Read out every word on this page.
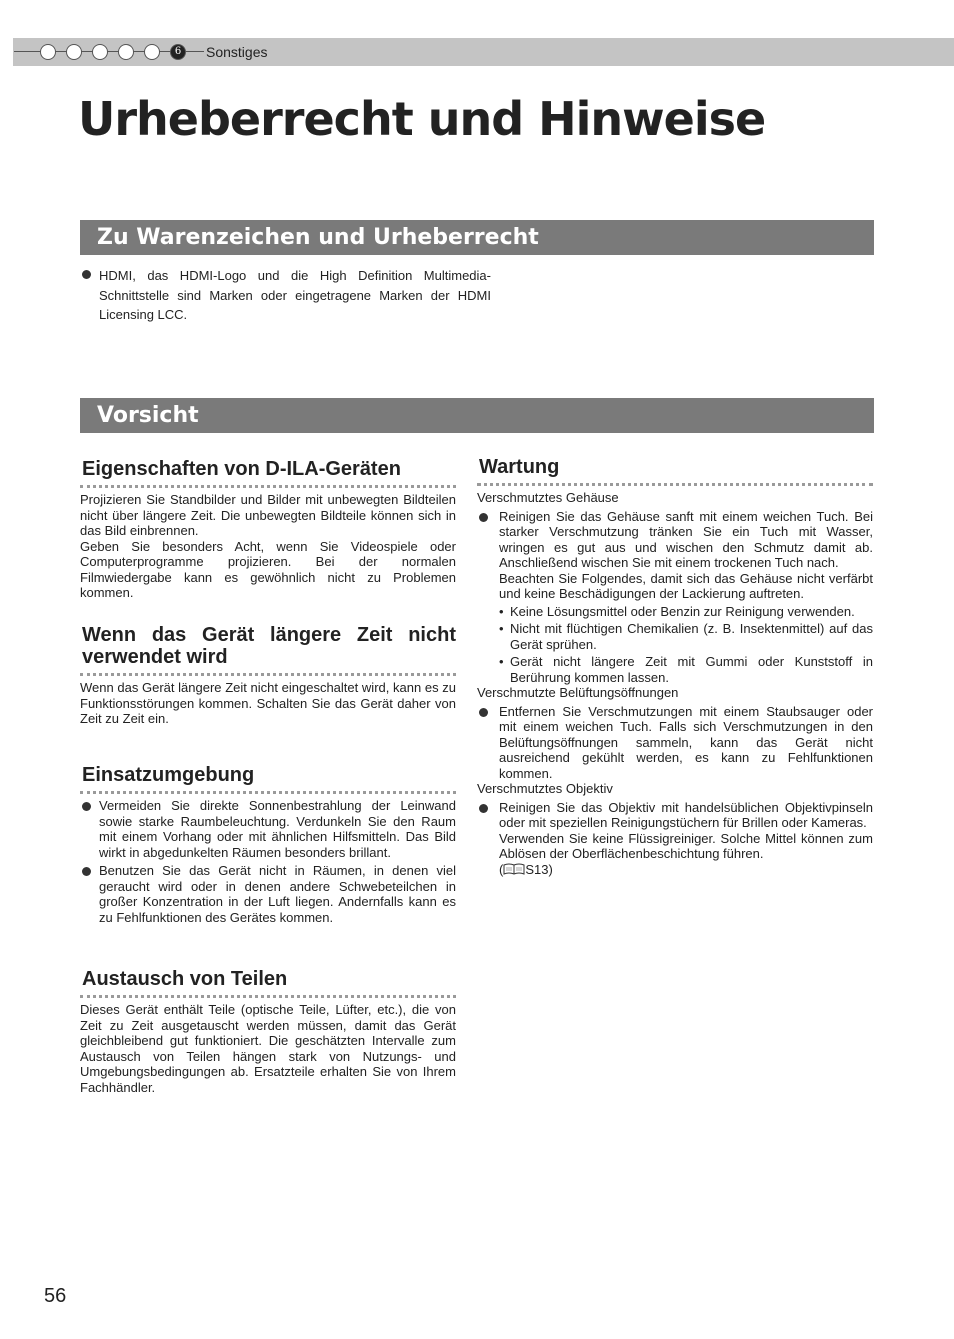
6	Sonstiges
Urheberrecht und Hinweise
Zu Warenzeichen und Urheberrecht
HDMI, das HDMI-Logo und die High Definition Multimedia-Schnittstelle sind Marken oder eingetragene Marken der HDMI Licensing LCC.
Vorsicht
Eigenschaften von D-ILA-Geräten

Projizieren Sie Standbilder und Bilder mit unbewegten Bildteilen nicht über längere Zeit. Die unbewegten Bildteile können sich in das Bild einbrennen.

Geben Sie besonders Acht, wenn Sie Videospiele oder Computerprogramme projizieren. Bei der normalen Filmwiedergabe kann es gewöhnlich nicht zu Problemen kommen.

Wenn das Gerät längere Zeit nicht verwendet wird

Wenn das Gerät längere Zeit nicht eingeschaltet wird, kann es zu Funktionsstörungen kommen. Schalten Sie das Gerät daher von Zeit zu Zeit ein.

Einsatzumgebung

Vermeiden Sie direkte Sonnenbestrahlung der Leinwand sowie starke Raumbeleuchtung. Verdunkeln Sie den Raum mit einem Vorhang oder mit ähnlichen Hilfsmitteln. Das Bild wirkt in abgedunkelten Räumen besonders brillant.

Benutzen Sie das Gerät nicht in Räumen, in denen viel geraucht wird oder in denen andere Schwebeteilchen in großer Konzentration in der Luft liegen. Andernfalls kann es zu Fehlfunktionen des Gerätes kommen.

Austausch von Teilen

Dieses Gerät enthält Teile (optische Teile, Lüfter, etc.), die von Zeit zu Zeit ausgetauscht werden müssen, damit das Gerät gleichbleibend gut funktioniert. Die geschätzten Intervalle zum Austausch von Teilen hängen stark von Nutzungs- und Umgebungsbedingungen ab. Ersatzteile erhalten Sie von Ihrem Fachhändler.

Wartung

Verschmutztes Gehäuse

Reinigen Sie das Gehäuse sanft mit einem weichen Tuch. Bei starker Verschmutzung tränken Sie ein Tuch mit Wasser, wringen es gut aus und wischen den Schmutz damit ab. Anschließend wischen Sie mit einem trockenen Tuch nach.

Beachten Sie Folgendes, damit sich das Gehäuse nicht verfärbt und keine Beschädigungen der Lackierung auftreten.

• Keine Lösungsmittel oder Benzin zur Reinigung verwenden.

• Nicht mit flüchtigen Chemikalien (z. B. Insektenmittel) auf das Gerät sprühen.

• Gerät nicht längere Zeit mit Gummi oder Kunststoff in Berührung kommen lassen.

Verschmutzte Belüftungsöffnungen

Entfernen Sie Verschmutzungen mit einem Staubsauger oder mit einem weichen Tuch. Falls sich Verschmutzungen in den Belüftungsöffnungen sammeln, kann das Gerät nicht ausreichend gekühlt werden, es kann zu Fehlfunktionen kommen.

Verschmutztes Objektiv

Reinigen Sie das Objektiv mit handelsüblichen Objektivpinseln oder mit speziellen Reinigungstüchern für Brillen oder Kameras.

Verwenden Sie keine Flüssigreiniger. Solche Mittel können zum Ablösen der Oberflächenbeschichtung führen.

( S13)

56
